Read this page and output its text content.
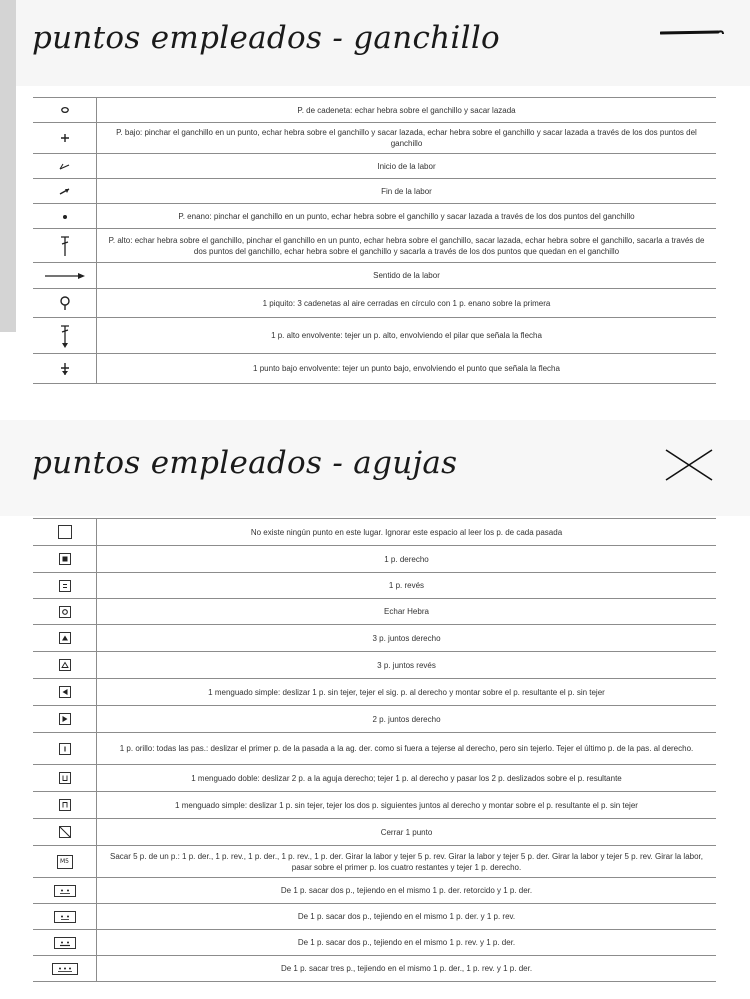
puntos empleados - ganchillo
P. de cadeneta: echar hebra sobre el ganchillo y sacar lazada
P. bajo: pinchar el ganchillo en un punto, echar hebra sobre el ganchillo y sacar lazada, echar hebra sobre el ganchillo y sacar lazada a través de los dos puntos del ganchillo
Inicio de la labor
Fin de la labor
P. enano: pinchar el ganchillo en un punto, echar hebra sobre el ganchillo y sacar lazada a través de los dos puntos del ganchillo
P. alto: echar hebra sobre el ganchillo, pinchar el ganchillo en un punto, echar hebra sobre el ganchillo, sacar lazada, echar hebra sobre el ganchillo, sacarla a través de dos puntos del ganchillo, echar hebra sobre el ganchillo y sacarla a través de los dos puntos que quedan en el ganchillo
Sentido de la labor
1 piquito: 3 cadenetas al aire cerradas en círculo con 1 p. enano sobre la primera
1 p. alto envolvente: tejer un p. alto, envolviendo el pilar que señala la flecha
1 punto bajo envolvente: tejer un punto bajo, envolviendo el punto que señala la flecha
puntos empleados - agujas
No existe ningún punto en este lugar. Ignorar este espacio al leer los p. de cada pasada
1 p. derecho
1 p. revés
Echar Hebra
3 p. juntos derecho
3 p. juntos revés
1 menguado simple: deslizar 1 p. sin tejer, tejer el sig. p. al derecho y montar sobre el p. resultante el p. sin tejer
2 p. juntos derecho
1 p. orillo: todas las pas.: deslizar el primer p. de la pasada a la ag. der. como si fuera a tejerse al derecho, pero sin tejerlo. Tejer el último p. de la pas. al derecho.
1 menguado doble: deslizar 2 p. a la aguja derecho; tejer 1 p. al derecho y pasar los 2 p. deslizados sobre el p. resultante
1 menguado simple: deslizar 1 p. sin tejer, tejer los dos p. siguientes juntos al derecho y montar sobre el p. resultante el p. sin tejer
Cerrar 1 punto
M5
Sacar 5 p. de un p.: 1 p. der., 1 p. rev., 1 p. der., 1 p. rev., 1 p. der. Girar la labor y tejer 5 p. rev. Girar la labor y tejer 5 p. der. Girar la labor y tejer 5 p. rev. Girar la labor, pasar sobre el primer p. los cuatro restantes y tejer 1 p. derecho.
De 1 p. sacar dos p., tejiendo en el mismo 1 p. der. retorcido y 1 p. der.
De 1 p. sacar dos p., tejiendo en el mismo 1 p. der. y 1 p. rev.
De 1 p. sacar dos p., tejiendo en el mismo 1 p. rev. y 1 p. der.
De 1 p. sacar tres p., tejiendo en el mismo 1 p. der., 1 p. rev. y 1 p. der.
